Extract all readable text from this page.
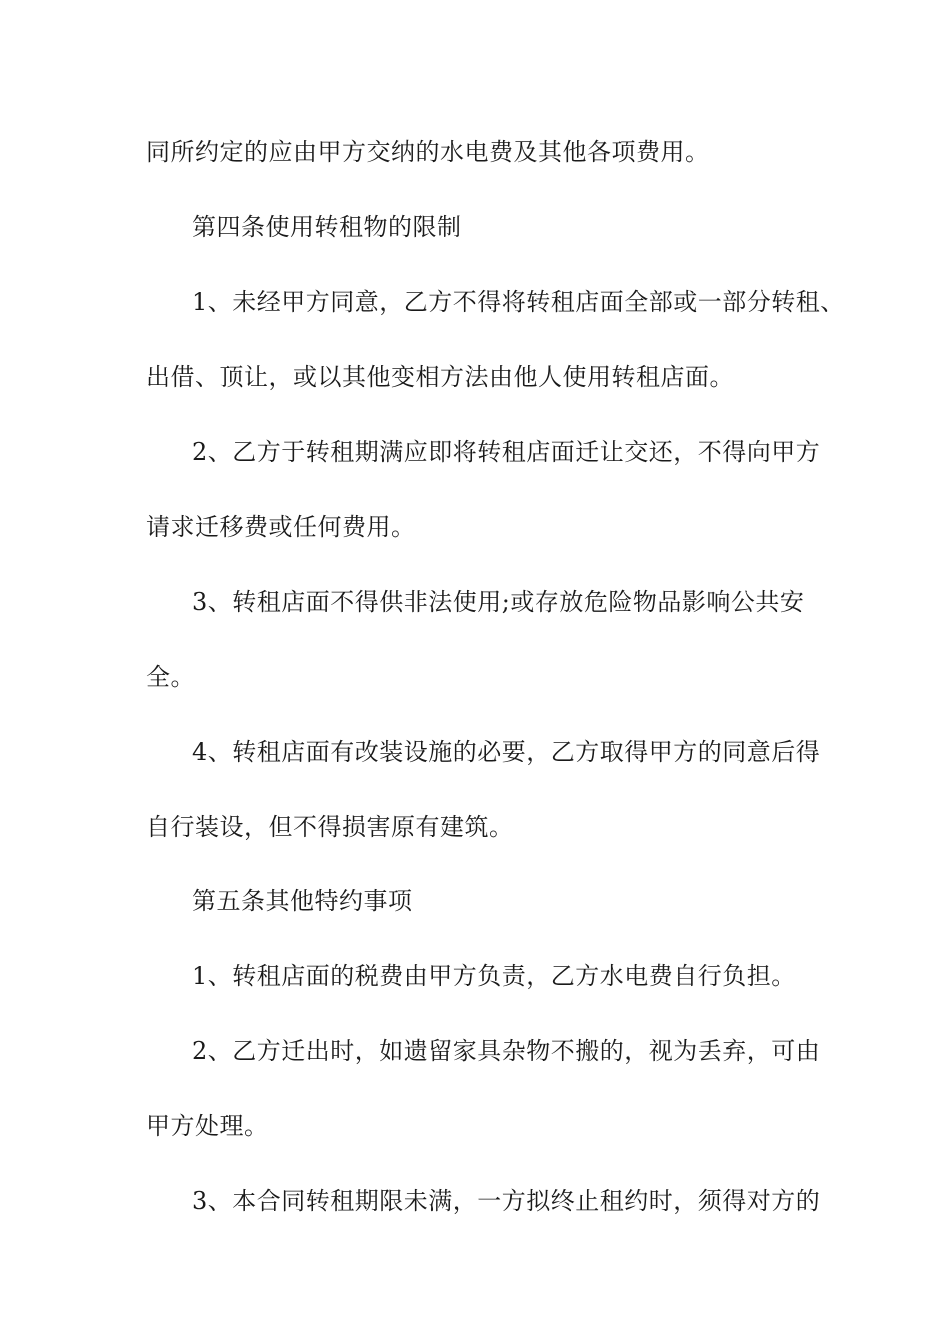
同所约定的应由甲方交纳的水电费及其他各项费用。

第四条使用转租物的限制

1、未经甲方同意，乙方不得将转租店面全部或一部分转租、

出借、顶让，或以其他变相方法由他人使用转租店面。

2、乙方于转租期满应即将转租店面迁让交还，不得向甲方

请求迁移费或任何费用。

3、转租店面不得供非法使用;或存放危险物品影响公共安

全。

4、转租店面有改装设施的必要，乙方取得甲方的同意后得

自行装设，但不得损害原有建筑。

第五条其他特约事项

1、转租店面的税费由甲方负责，乙方水电费自行负担。

2、乙方迁出时，如遗留家具杂物不搬的，视为丢弃，可由

甲方处理。

3、本合同转租期限未满，一方拟终止租约时，须得对方的
